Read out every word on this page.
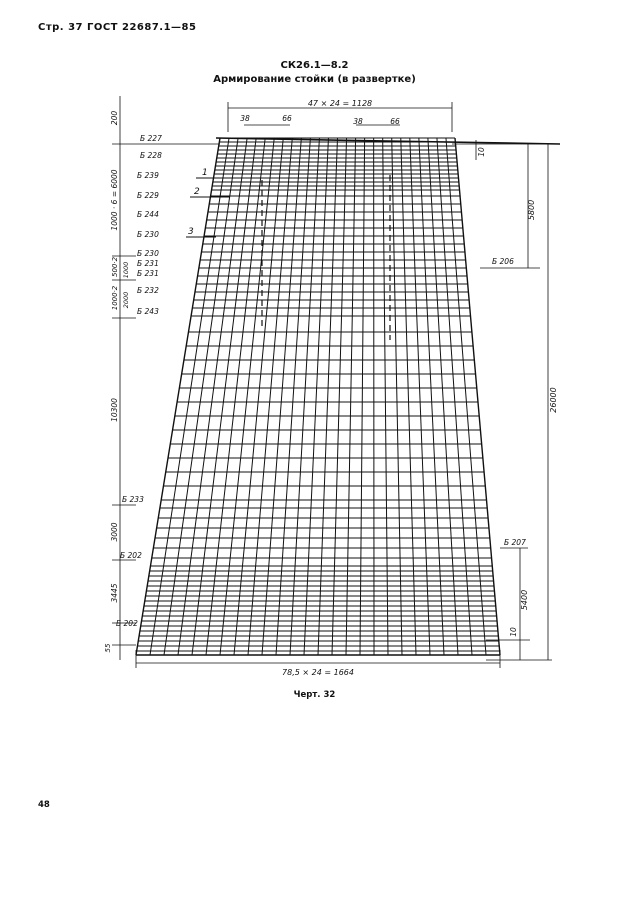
Стр. 37 ГОСТ 22687.1—85
СК26.1—8.2
Армирование стойки (в развертке)
47 × 24 = 1128
38	66	38	66
5800
26000
5400
10
10
78,5 × 24 = 1664
200
1000 · 6 = 6000
500·2 1000
1000·2 2000
10300
3000
3445
55
Б 227
Б 228
Б 239
Б 229
Б 244
Б 230
Б 230
Б 231
Б 231
Б 232
Б 243
Б 233
Б 202
Б 202
Б 206
Б 207
1
2
3
Черт. 32
48
